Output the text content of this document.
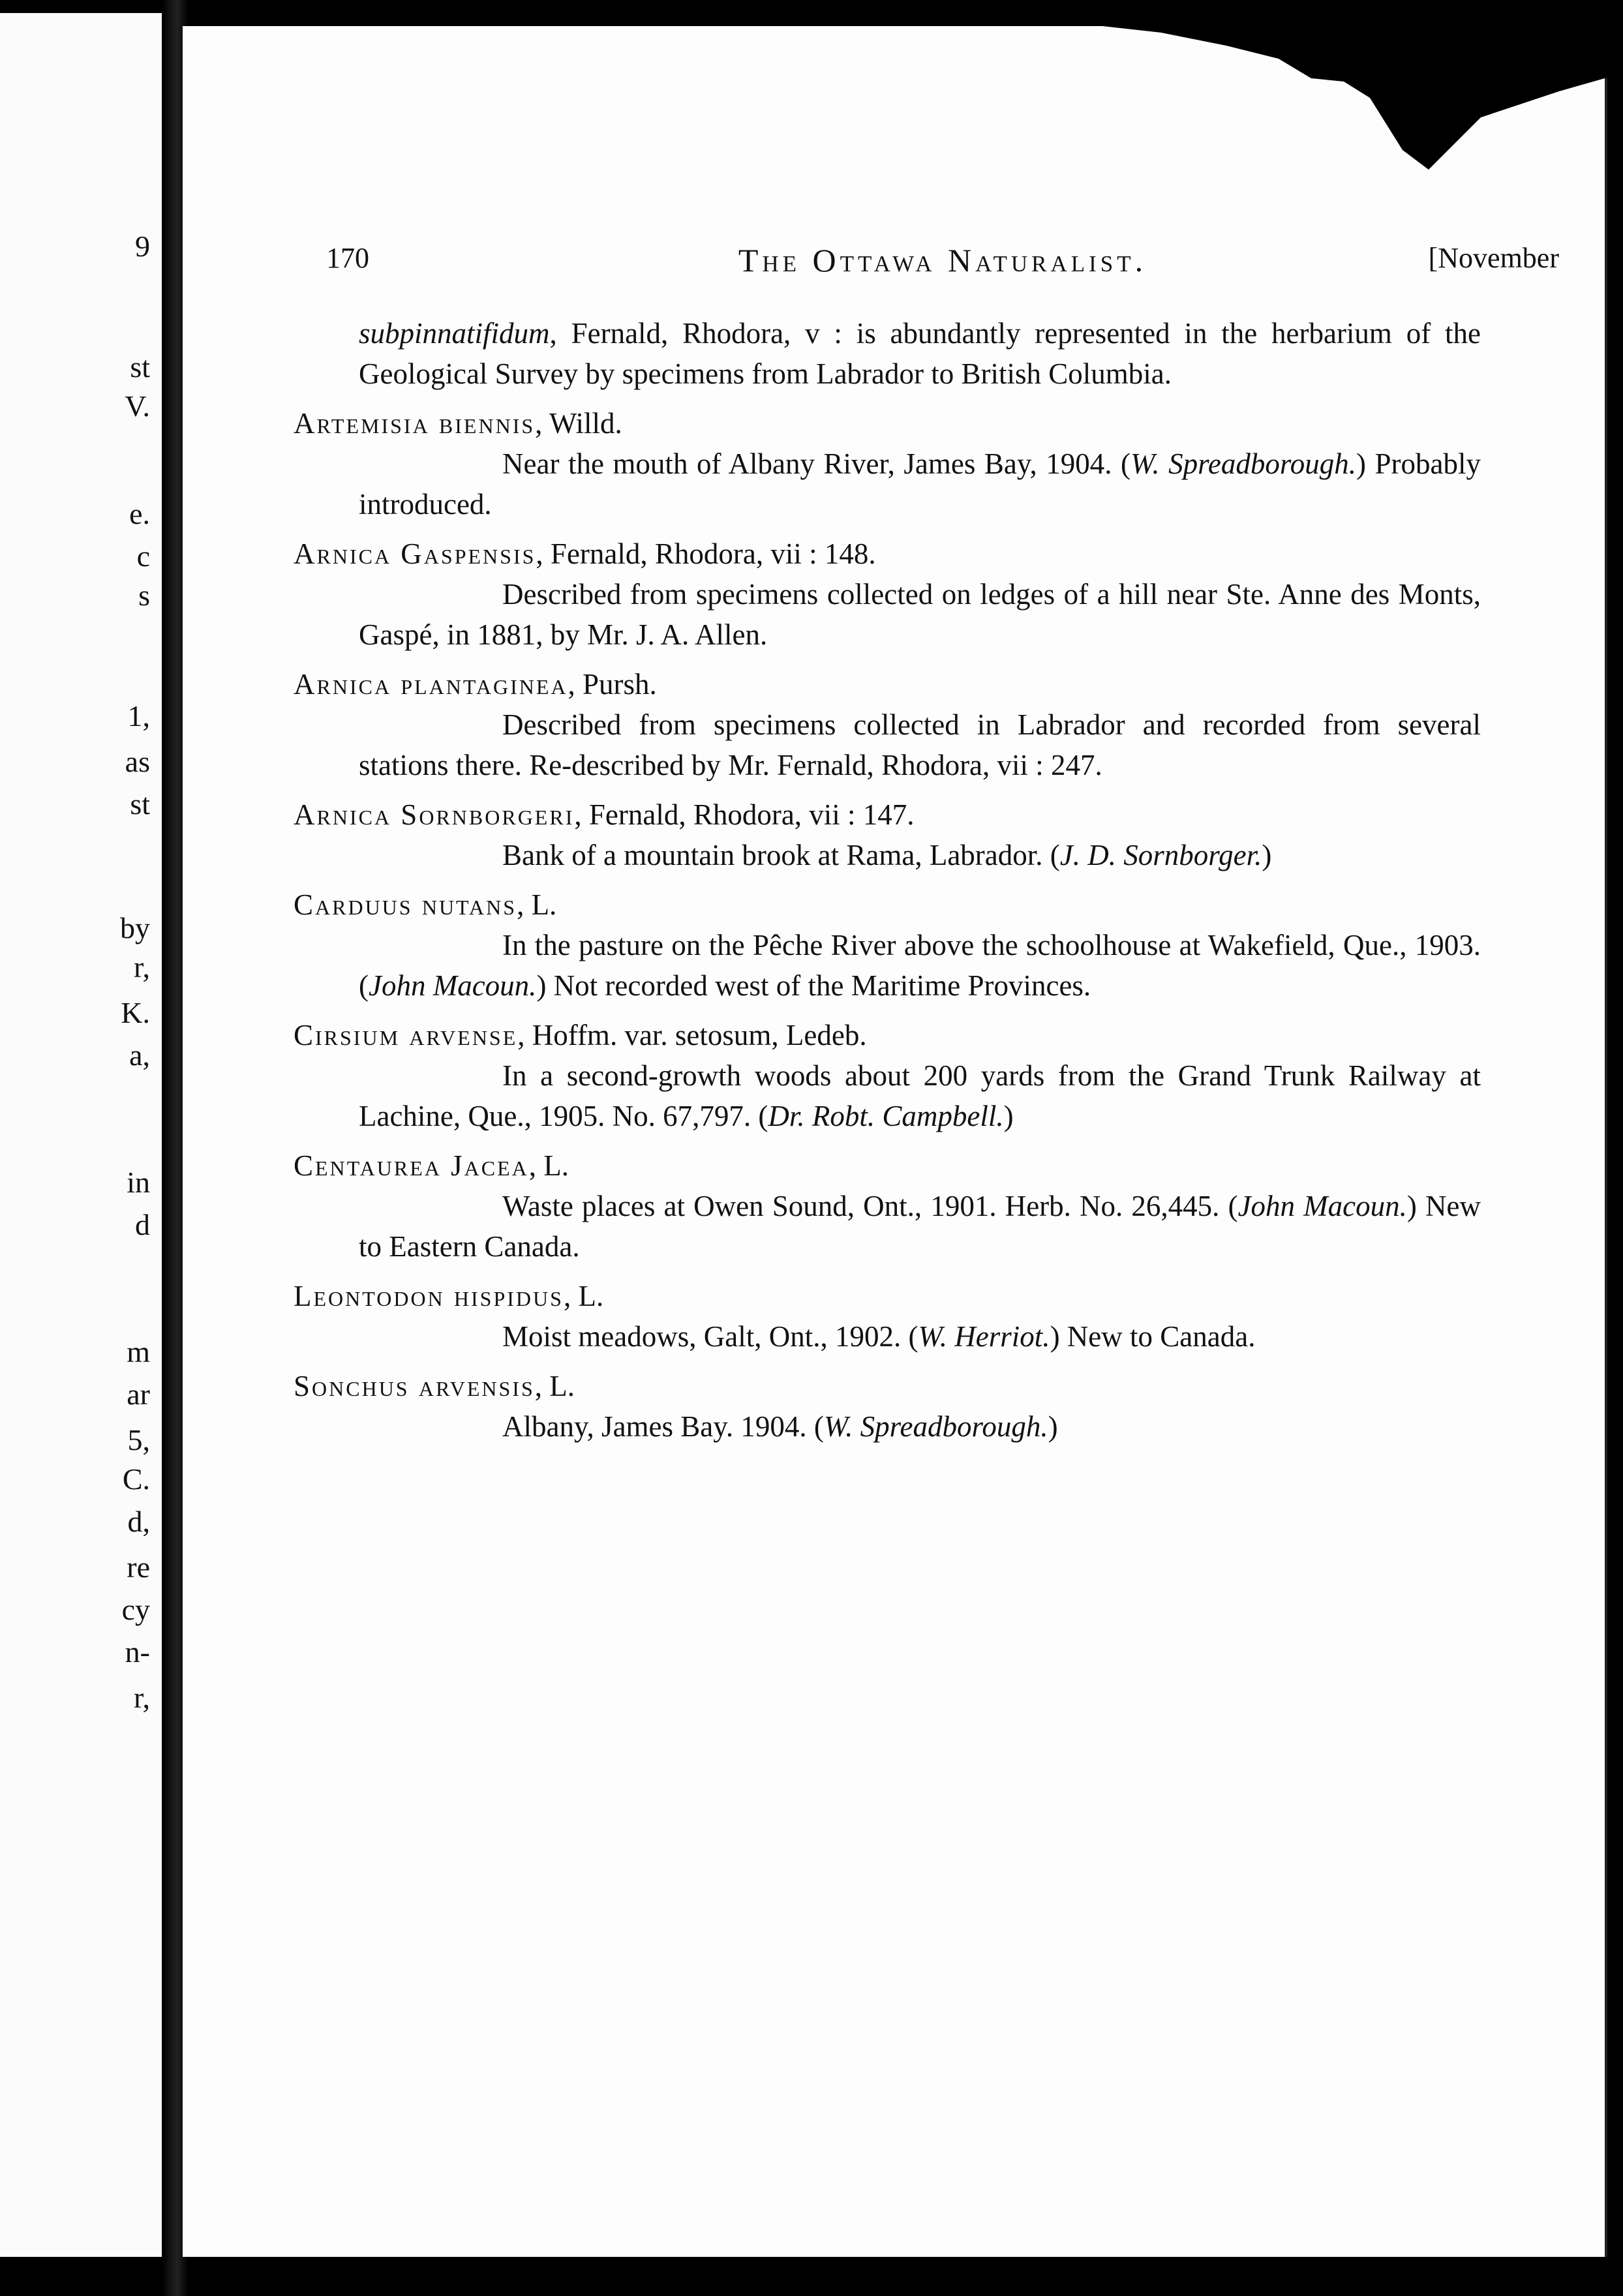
9
st
V.
e.
c
s
1,
as
st
by
r,
K.
a,
in
d
m
ar
5,
C.
d,
re
cy
n-
r,
170	The Ottawa Naturalist.	[November
subpinnatifidum, Fernald, Rhodora, v : is abundantly represented in the herbarium of the Geological Survey by specimens from Labrador to British Columbia.
Artemisia biennis, Willd.
Near the mouth of Albany River, James Bay, 1904. (W. Spreadborough.) Probably introduced.
Arnica Gaspensis, Fernald, Rhodora, vii : 148.
Described from specimens collected on ledges of a hill near Ste. Anne des Monts, Gaspé, in 1881, by Mr. J. A. Allen.
Arnica plantaginea, Pursh.
Described from specimens collected in Labrador and recorded from several stations there. Re-described by Mr. Fernald, Rhodora, vii : 247.
Arnica Sornborgeri, Fernald, Rhodora, vii : 147.
Bank of a mountain brook at Rama, Labrador. (J. D. Sornborger.)
Carduus nutans, L.
In the pasture on the Pêche River above the schoolhouse at Wakefield, Que., 1903. (John Macoun.) Not recorded west of the Maritime Provinces.
Cirsium arvense, Hoffm. var. setosum, Ledeb.
In a second-growth woods about 200 yards from the Grand Trunk Railway at Lachine, Que., 1905. No. 67,797. (Dr. Robt. Campbell.)
Centaurea Jacea, L.
Waste places at Owen Sound, Ont., 1901. Herb. No. 26,445. (John Macoun.) New to Eastern Canada.
Leontodon hispidus, L.
Moist meadows, Galt, Ont., 1902. (W. Herriot.) New to Canada.
Sonchus arvensis, L.
Albany, James Bay. 1904. (W. Spreadborough.)
